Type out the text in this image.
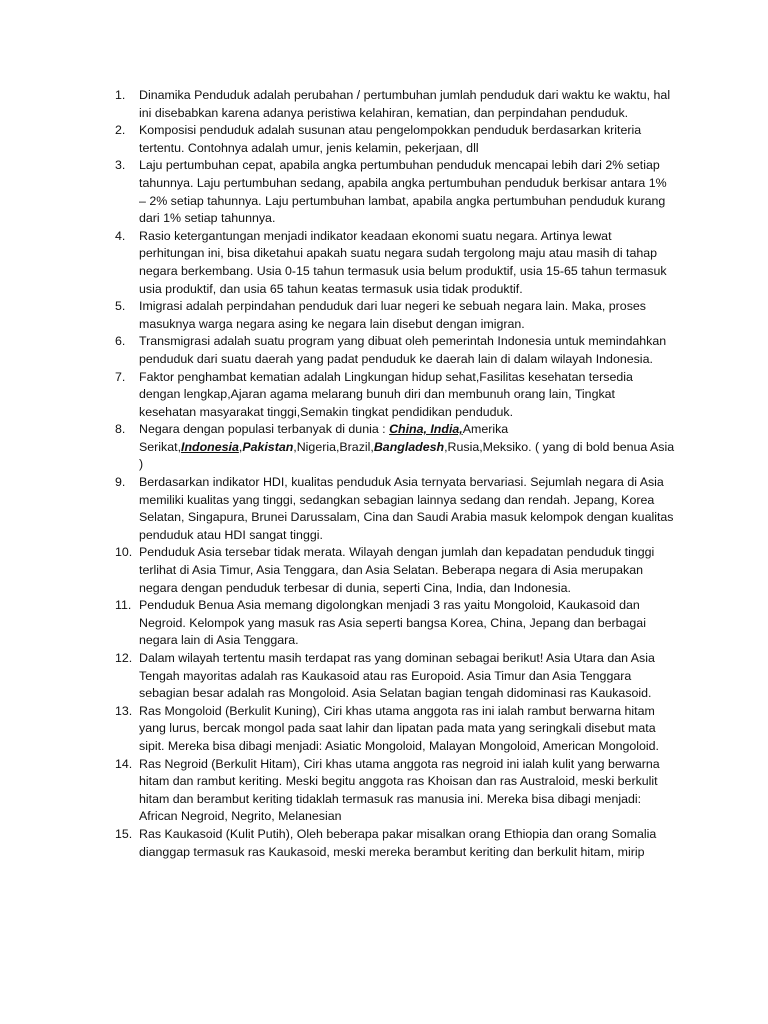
1.	Dinamika Penduduk adalah perubahan / pertumbuhan jumlah penduduk dari waktu ke waktu, hal ini disebabkan karena adanya peristiwa kelahiran, kematian, dan perpindahan penduduk.
2.	Komposisi penduduk adalah susunan atau pengelompokkan penduduk berdasarkan kriteria tertentu. Contohnya adalah umur, jenis kelamin, pekerjaan, dll
3.	Laju pertumbuhan cepat, apabila angka pertumbuhan penduduk mencapai lebih dari 2% setiap tahunnya. Laju pertumbuhan sedang, apabila angka pertumbuhan penduduk berkisar antara 1% – 2% setiap tahunnya. Laju pertumbuhan lambat, apabila angka pertumbuhan penduduk kurang dari 1% setiap tahunnya.
4.	Rasio ketergantungan menjadi indikator keadaan ekonomi suatu negara. Artinya lewat perhitungan ini, bisa diketahui apakah suatu negara sudah tergolong maju atau masih di tahap negara berkembang. Usia 0-15 tahun termasuk usia belum produktif, usia 15-65 tahun termasuk usia produktif, dan usia 65 tahun keatas termasuk usia tidak produktif.
5.	Imigrasi adalah perpindahan penduduk dari luar negeri ke sebuah negara lain. Maka, proses masuknya warga negara asing ke negara lain disebut dengan imigran.
6.	Transmigrasi adalah suatu program yang dibuat oleh pemerintah Indonesia untuk memindahkan penduduk dari suatu daerah yang padat penduduk ke daerah lain di dalam wilayah Indonesia.
7.	Faktor penghambat kematian adalah Lingkungan hidup sehat,Fasilitas kesehatan tersedia dengan lengkap,Ajaran agama melarang bunuh diri dan membunuh orang lain, Tingkat kesehatan masyarakat tinggi,Semakin tingkat pendidikan penduduk.
8.	Negara dengan populasi terbanyak di dunia : China, India,Amerika Serikat,Indonesia,Pakistan,Nigeria,Brazil,Bangladesh,Rusia,Meksiko. ( yang di bold benua Asia )
9.	Berdasarkan indikator HDI, kualitas penduduk Asia ternyata bervariasi. Sejumlah negara di Asia memiliki kualitas yang tinggi, sedangkan sebagian lainnya sedang dan rendah. Jepang, Korea Selatan, Singapura, Brunei Darussalam, Cina dan Saudi Arabia masuk kelompok dengan kualitas penduduk atau HDI sangat tinggi.
10. Penduduk Asia tersebar tidak merata. Wilayah dengan jumlah dan kepadatan penduduk tinggi terlihat di Asia Timur, Asia Tenggara, dan Asia Selatan. Beberapa negara di Asia merupakan negara dengan penduduk terbesar di dunia, seperti Cina, India, dan Indonesia.
11. Penduduk Benua Asia memang digolongkan menjadi 3 ras yaitu Mongoloid, Kaukasoid dan Negroid. Kelompok yang masuk ras Asia seperti bangsa Korea, China, Jepang dan berbagai negara lain di Asia Tenggara.
12. Dalam wilayah tertentu masih terdapat ras yang dominan sebagai berikut! Asia Utara dan Asia Tengah mayoritas adalah ras Kaukasoid atau ras Europoid. Asia Timur dan Asia Tenggara sebagian besar adalah ras Mongoloid. Asia Selatan bagian tengah didominasi ras Kaukasoid.
13. Ras Mongoloid (Berkulit Kuning), Ciri khas utama anggota ras ini ialah rambut berwarna hitam yang lurus, bercak mongol pada saat lahir dan lipatan pada mata yang seringkali disebut mata sipit. Mereka bisa dibagi menjadi: Asiatic Mongoloid, Malayan Mongoloid, American Mongoloid.
14. Ras Negroid (Berkulit Hitam), Ciri khas utama anggota ras negroid ini ialah kulit yang berwarna hitam dan rambut keriting. Meski begitu anggota ras Khoisan dan ras Australoid, meski berkulit hitam dan berambut keriting tidaklah termasuk ras manusia ini. Mereka bisa dibagi menjadi: African Negroid, Negrito, Melanesian
15. Ras Kaukasoid (Kulit Putih), Oleh beberapa pakar misalkan orang Ethiopia dan orang Somalia dianggap termasuk ras Kaukasoid, meski mereka berambut keriting dan berkulit hitam, mirip
